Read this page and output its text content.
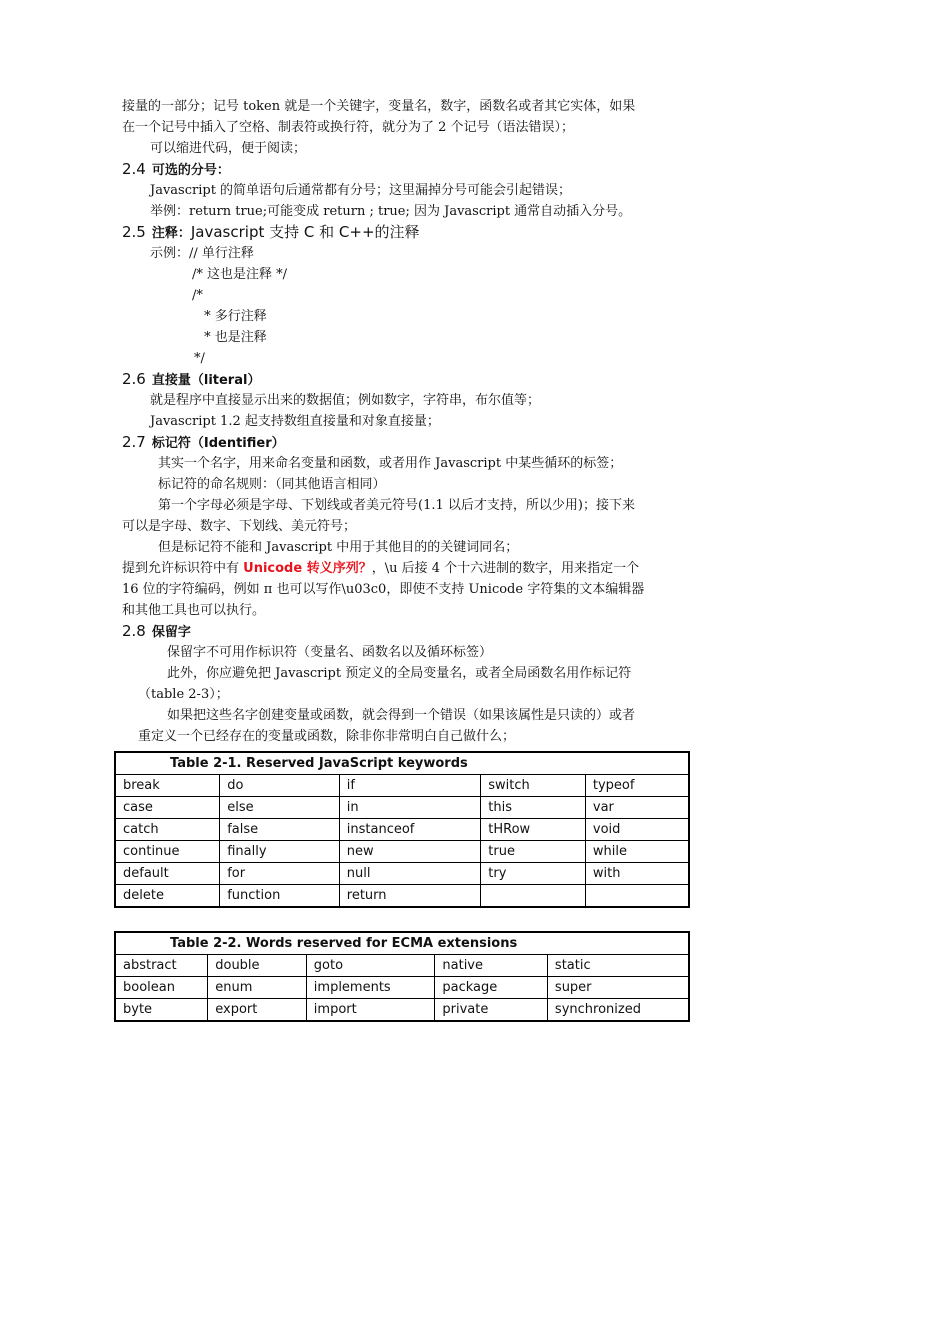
接量的一部分；记号 token 就是一个关键字，变量名，数字，函数名或者其它实体，如果
在一个记号中插入了空格、制表符或换行符，就分为了 2 个记号（语法错误）；
可以缩进代码，便于阅读；
2.4 可选的分号：
Javascript 的简单语句后通常都有分号；这里漏掉分号可能会引起错误；
举例：return true;可能变成 return ; true; 因为 Javascript 通常自动插入分号。
2.5 注释：Javascript 支持 C 和 C++的注释
示例：// 单行注释
/* 这也是注释 */
/*
* 多行注释
* 也是注释
*/
2.6 直接量（literal）
就是程序中直接显示出来的数据值；例如数字，字符串，布尔值等；
Javascript 1.2 起支持数组直接量和对象直接量；
2.7 标记符（Identifier）
其实一个名字，用来命名变量和函数，或者用作 Javascript 中某些循环的标签；
标记符的命名规则：（同其他语言相同）
第一个字母必须是字母、下划线或者美元符号(1.1 以后才支持，所以少用)；接下来
可以是字母、数字、下划线、美元符号；
但是标记符不能和 Javascript 中用于其他目的的关键词同名；
提到允许标识符中有 Unicode 转义序列？，\u 后接 4 个十六进制的数字，用来指定一个
16 位的字符编码，例如 π 也可以写作\u03c0，即使不支持 Unicode 字符集的文本编辑器
和其他工具也可以执行。
2.8 保留字
保留字不可用作标识符（变量名、函数名以及循环标签）
此外，你应避免把 Javascript 预定义的全局变量名，或者全局函数名用作标记符
（table 2-3）；
如果把这些名字创建变量或函数，就会得到一个错误（如果该属性是只读的）或者
重定义一个已经存在的变量或函数，除非你非常明白自己做什么；
Table 2-1. Reserved JavaScript keywords				
break	do	if	switch	typeof
case	else	in	this	var
catch	false	instanceof	tHRow	void
continue	finally	new	true	while
default	for	null	try	with
delete	function	return		
Table 2-2. Words reserved for ECMA extensions				
abstract	double	goto	native	static
boolean	enum	implements	package	super
byte	export	import	private	synchronized
